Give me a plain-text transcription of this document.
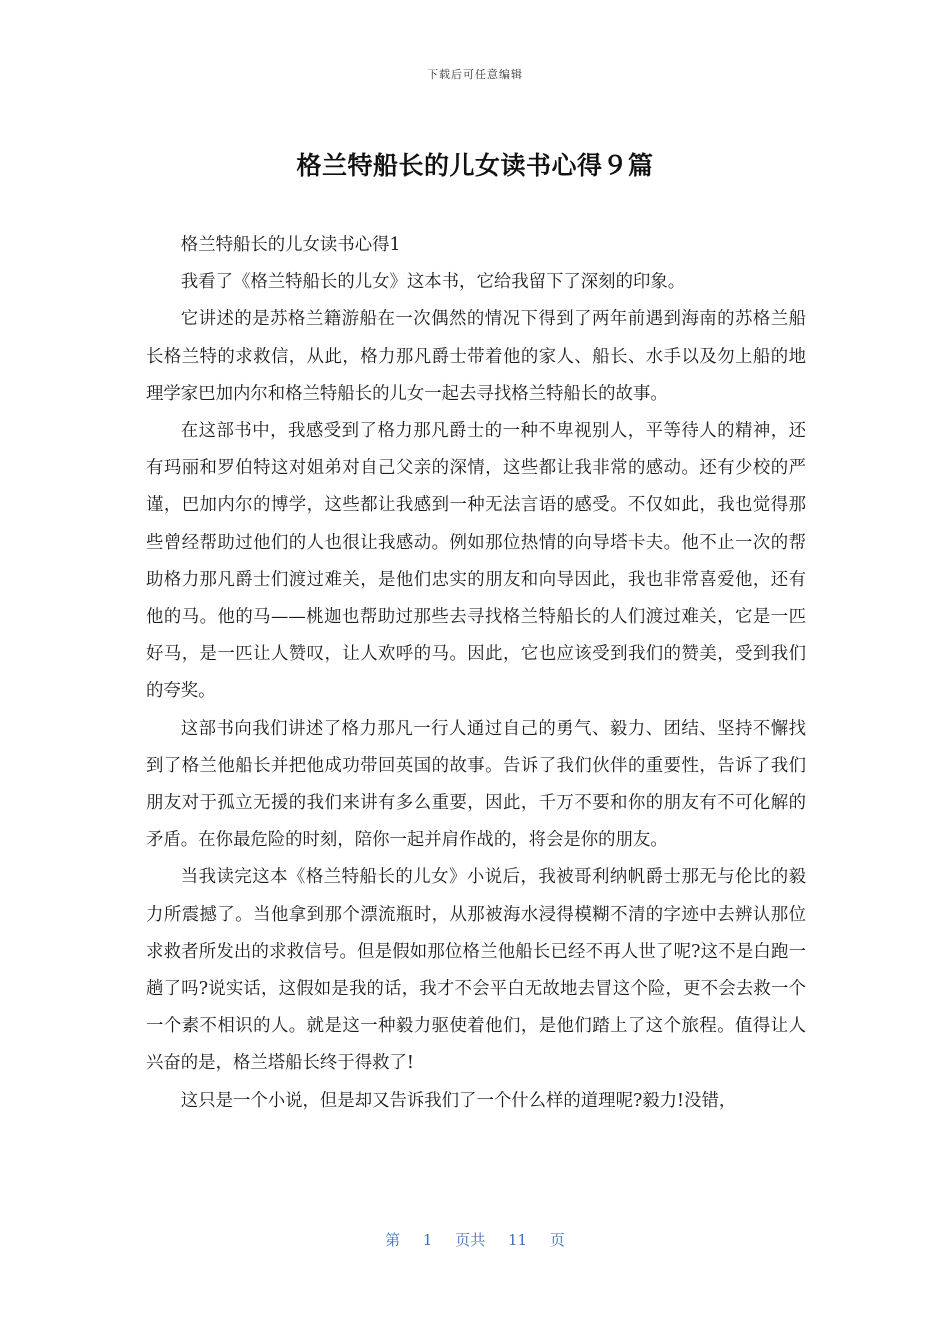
下载后可任意编辑
格兰特船长的儿女读书心得９篇

格兰特船长的儿女读书心得1

我看了《格兰特船长的儿女》这本书，它给我留下了深刻的印象。

它讲述的是苏格兰籍游船在一次偶然的情况下得到了两年前遇到海南的苏格兰船长格兰特的求救信，从此，格力那凡爵士带着他的家人、船长、水手以及勿上船的地理学家巴加内尔和格兰特船长的儿女一起去寻找格兰特船长的故事。

在这部书中，我感受到了格力那凡爵士的一种不卑视别人，平等待人的精神，还有玛丽和罗伯特这对姐弟对自己父亲的深情，这些都让我非常的感动。还有少校的严谨，巴加内尔的博学，这些都让我感到一种无法言语的感受。不仅如此，我也觉得那些曾经帮助过他们的人也很让我感动。例如那位热情的向导塔卡夫。他不止一次的帮助格力那凡爵士们渡过难关，是他们忠实的朋友和向导因此，我也非常喜爱他，还有他的马。他的马——桃迦也帮助过那些去寻找格兰特船长的人们渡过难关，它是一匹好马，是一匹让人赞叹，让人欢呼的马。因此，它也应该受到我们的赞美，受到我们的夸奖。

这部书向我们讲述了格力那凡一行人通过自己的勇气、毅力、团结、坚持不懈找到了格兰他船长并把他成功带回英国的故事。告诉了我们伙伴的重要性，告诉了我们朋友对于孤立无援的我们来讲有多么重要，因此，千万不要和你的朋友有不可化解的矛盾。在你最危险的时刻，陪你一起并肩作战的，将会是你的朋友。

当我读完这本《格兰特船长的儿女》小说后，我被哥利纳帆爵士那无与伦比的毅力所震撼了。当他拿到那个漂流瓶时，从那被海水浸得模糊不清的字迹中去辨认那位求救者所发出的求救信号。但是假如那位格兰他船长已经不再人世了呢?这不是白跑一趟了吗?说实话，这假如是我的话，我才不会平白无故地去冒这个险，更不会去救一个一个素不相识的人。就是这一种毅力驱使着他们，是他们踏上了这个旅程。值得让人兴奋的是，格兰塔船长终于得救了!

这只是一个小说，但是却又告诉我们了一个什么样的道理呢?毅力!没错，

第 1 页共 11 页
